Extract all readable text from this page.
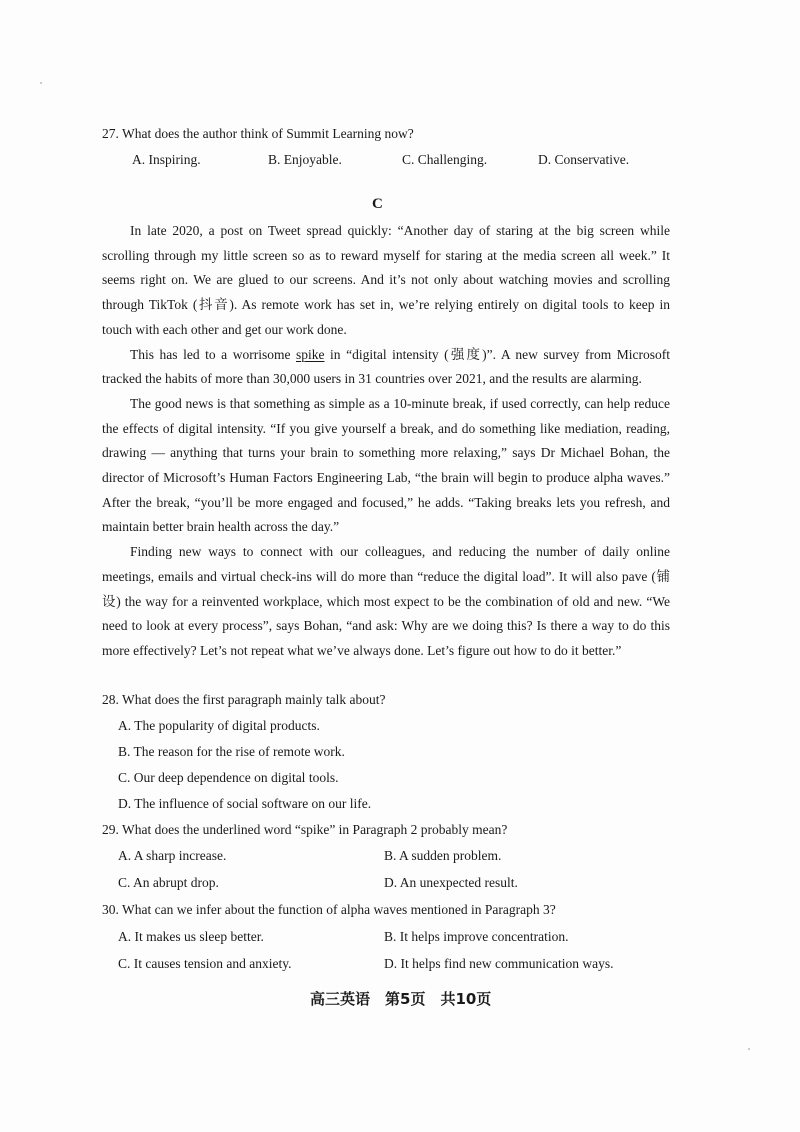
27. What does the author think of Summit Learning now?
A. Inspiring.	B. Enjoyable.	C. Challenging.	D. Conservative.
C

In late 2020, a post on Tweet spread quickly: “Another day of staring at the big screen while scrolling through my little screen so as to reward myself for staring at the media screen all week.” It seems right on. We are glued to our screens. And it’s not only about watching movies and scrolling through TikTok (抖音). As remote work has set in, we’re relying entirely on digital tools to keep in touch with each other and get our work done.

This has led to a worrisome spike in “digital intensity (强度)”. A new survey from Microsoft tracked the habits of more than 30,000 users in 31 countries over 2021, and the results are alarming.

The good news is that something as simple as a 10-minute break, if used correctly, can help reduce the effects of digital intensity. “If you give yourself a break, and do something like mediation, reading, drawing — anything that turns your brain to something more relaxing,” says Dr Michael Bohan, the director of Microsoft’s Human Factors Engineering Lab, “the brain will begin to produce alpha waves.” After the break, “you’ll be more engaged and focused,” he adds. “Taking breaks lets you refresh, and maintain better brain health across the day.”

Finding new ways to connect with our colleagues, and reducing the number of daily online meetings, emails and virtual check-ins will do more than “reduce the digital load”. It will also pave (铺设) the way for a reinvented workplace, which most expect to be the combination of old and new. “We need to look at every process”, says Bohan, “and ask: Why are we doing this? Is there a way to do this more effectively? Let’s not repeat what we’ve always done. Let’s figure out how to do it better.”

28. What does the first paragraph mainly talk about?
A. The popularity of digital products.
B. The reason for the rise of remote work.
C. Our deep dependence on digital tools.
D. The influence of social software on our life.
29. What does the underlined word “spike” in Paragraph 2 probably mean?
A. A sharp increase.	B. A sudden problem.
C. An abrupt drop.	D. An unexpected result.
30. What can we infer about the function of alpha waves mentioned in Paragraph 3?
A. It makes us sleep better.	B. It helps improve concentration.
C. It causes tension and anxiety.	D. It helps find new communication ways.
高三英语　第5页　共10页
